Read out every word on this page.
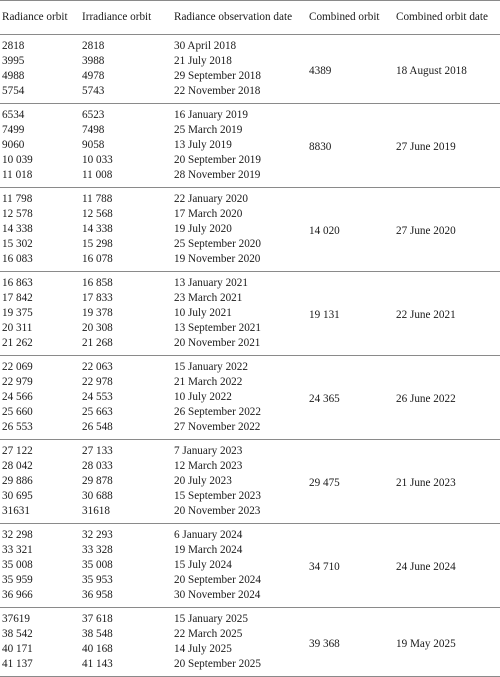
Radiance orbit	Irradiance orbit	Radiance observation date	Combined orbit	Combined orbit date
2818	2818	30 April 2018	4389	18 August 2018
3995	3988	21 July 2018		
4988	4978	29 September 2018		
5754	5743	22 November 2018		
6534	6523	16 January 2019	8830	27 June 2019
7499	7498	25 March 2019		
9060	9058	13 July 2019		
10 039	10 033	20 September 2019		
11 018	11 008	28 November 2019		
11 798	11 788	22 January 2020	14 020	27 June 2020
12 578	12 568	17 March 2020		
14 338	14 338	19 July 2020		
15 302	15 298	25 September 2020		
16 083	16 078	19 November 2020		
16 863	16 858	13 January 2021	19 131	22 June 2021
17 842	17 833	23 March 2021		
19 375	19 378	10 July 2021		
20 311	20 308	13 September 2021		
21 262	21 268	20 November 2021		
22 069	22 063	15 January 2022	24 365	26 June 2022
22 979	22 978	21 March 2022		
24 566	24 553	10 July 2022		
25 660	25 663	26 September 2022		
26 553	26 548	27 November 2022		
27 122	27 133	7 January 2023	29 475	21 June 2023
28 042	28 033	12 March 2023		
29 886	29 878	20 July 2023		
30 695	30 688	15 September 2023		
31631	31618	20 November 2023		
32 298	32 293	6 January 2024	34 710	24 June 2024
33 321	33 328	19 March 2024		
35 008	35 008	15 July 2024		
35 959	35 953	20 September 2024		
36 966	36 958	30 November 2024		
37619	37 618	15 January 2025	39 368	19 May 2025
38 542	38 548	22 March 2025		
40 171	40 168	14 July 2025		
41 137	41 143	20 September 2025		
